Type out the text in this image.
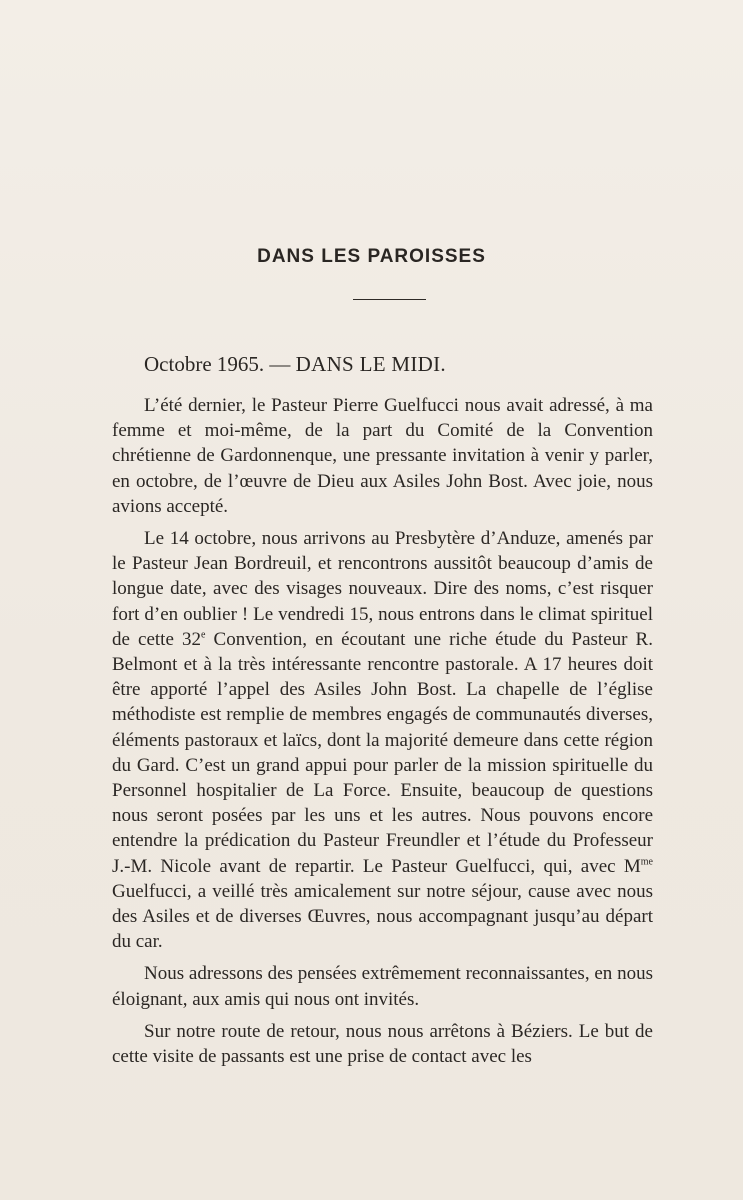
DANS LES PAROISSES
Octobre 1965. — DANS LE MIDI.

L’été dernier, le Pasteur Pierre Guelfucci nous avait adressé, à ma femme et moi-même, de la part du Comité de la Convention chrétienne de Gardonnenque, une pressante invitation à venir y parler, en octobre, de l’œuvre de Dieu aux Asiles John Bost. Avec joie, nous avions accepté.

Le 14 octobre, nous arrivons au Presbytère d’Anduze, amenés par le Pasteur Jean Bordreuil, et rencontrons aussitôt beaucoup d’amis de longue date, avec des visages nouveaux. Dire des noms, c’est risquer fort d’en oublier ! Le vendredi 15, nous entrons dans le climat spirituel de cette 32e Convention, en écoutant une riche étude du Pasteur R. Belmont et à la très intéressante rencontre pastorale. A 17 heures doit être apporté l’appel des Asiles John Bost. La chapelle de l’église méthodiste est remplie de membres engagés de communautés diverses, éléments pastoraux et laïcs, dont la majorité demeure dans cette région du Gard. C’est un grand appui pour parler de la mission spirituelle du Personnel hospitalier de La Force. Ensuite, beaucoup de questions nous seront posées par les uns et les autres. Nous pouvons encore entendre la prédication du Pasteur Freundler et l’étude du Professeur J.-M. Nicole avant de repartir. Le Pasteur Guelfucci, qui, avec $M^{me}$ Guelfucci, a veillé très amicalement sur notre séjour, cause avec nous des Asiles et de diverses Œuvres, nous accompagnant jusqu’au départ du car.

Nous adressons des pensées extrêmement reconnaissantes, en nous éloignant, aux amis qui nous ont invités.

Sur notre route de retour, nous nous arrêtons à Béziers. Le but de cette visite de passants est une prise de contact avec les
